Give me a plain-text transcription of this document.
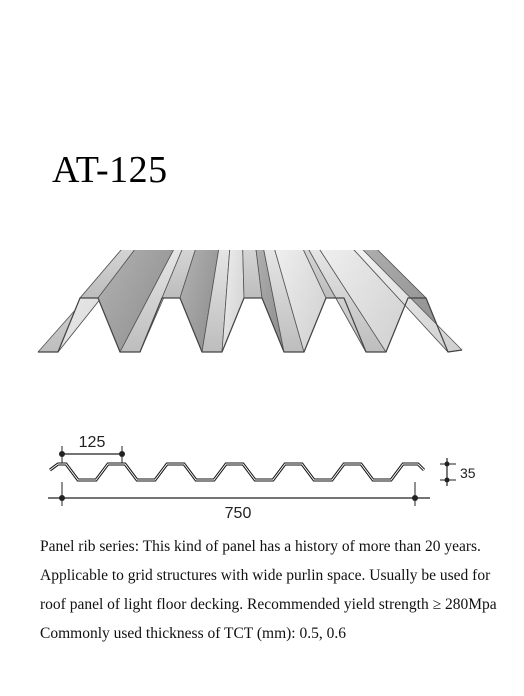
AT-125
125
35
750

Panel rib series: This kind of panel has a history of more than 20 years. Applicable to grid structures with wide purlin space. Usually be used for roof panel of light floor decking. Recommended yield strength ≥ 280Mpa

Commonly used thickness of TCT (mm): 0.5, 0.6
